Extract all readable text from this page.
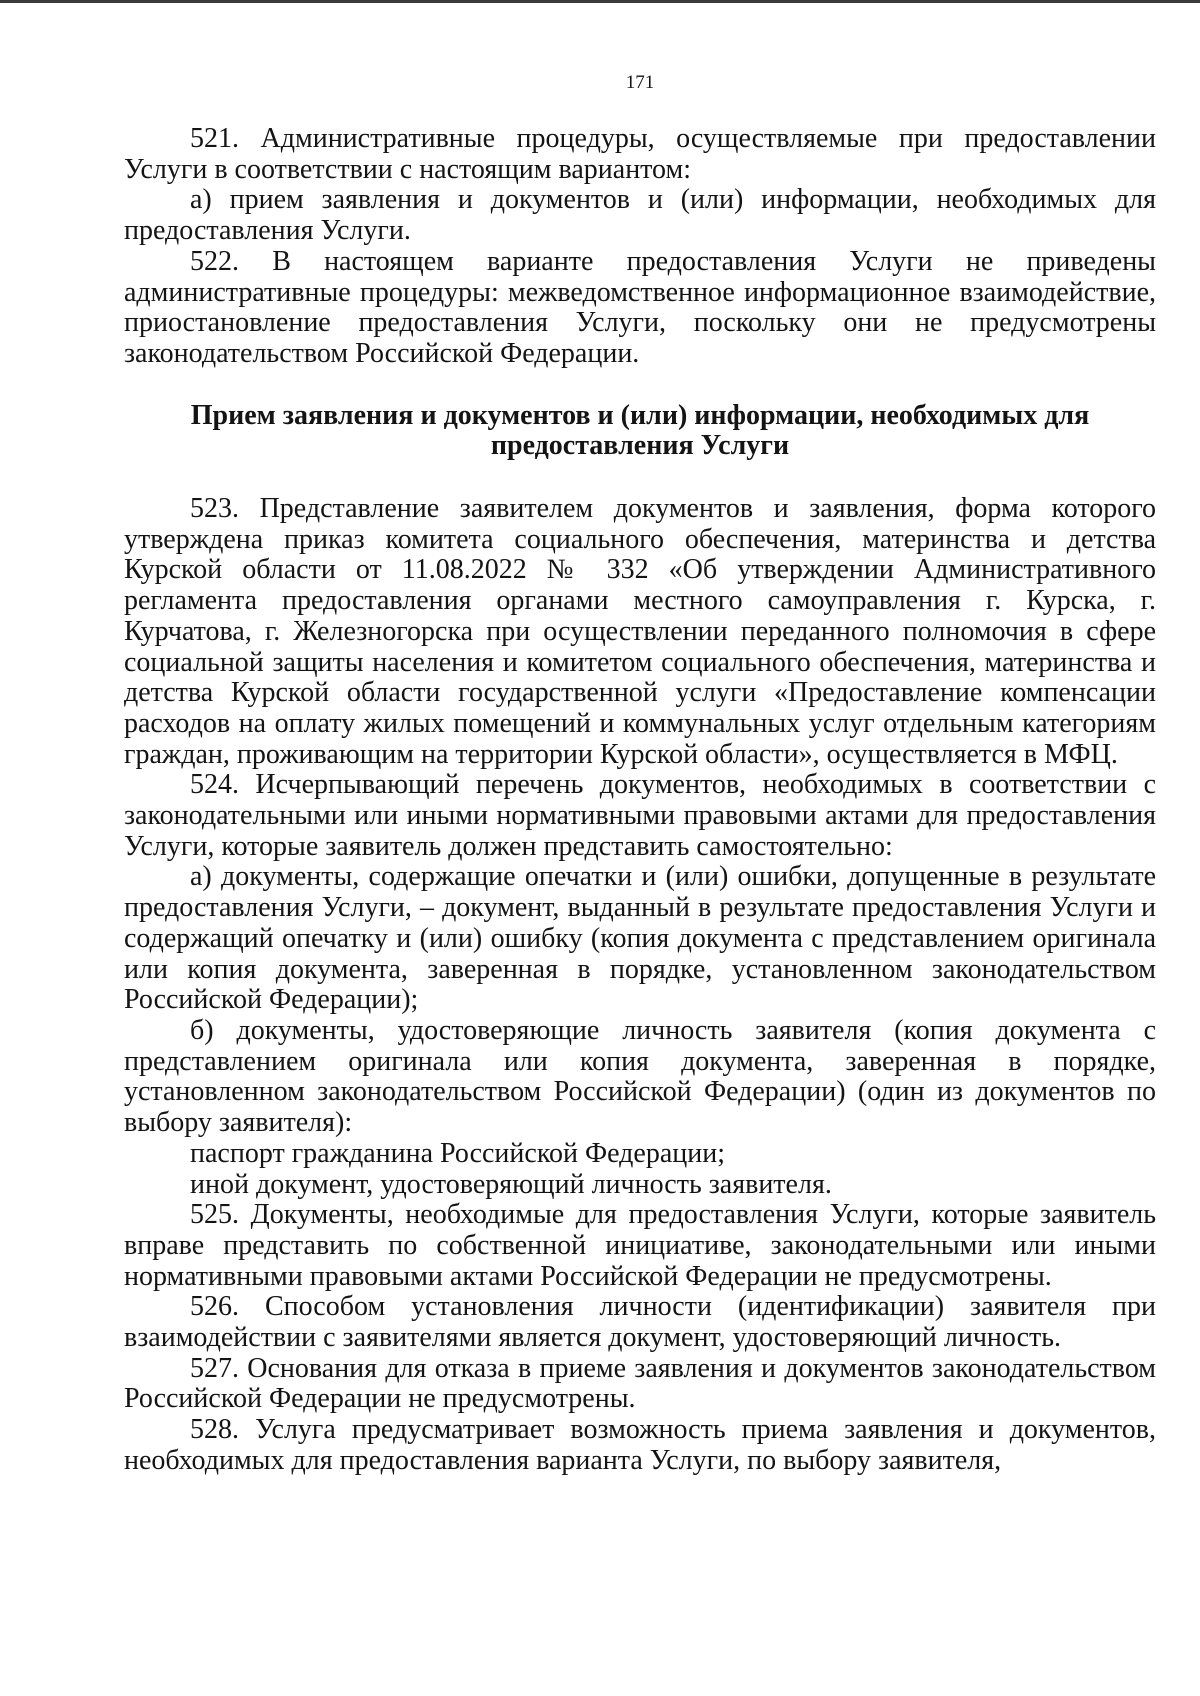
171

521. Административные процедуры, осуществляемые при предоставлении Услуги в соответствии с настоящим вариантом:

а) прием заявления и документов и (или) информации, необходимых для предоставления Услуги.

522. В настоящем варианте предоставления Услуги не приведены административные процедуры: межведомственное информационное взаимодействие, приостановление предоставления Услуги, поскольку они не предусмотрены законодательством Российской Федерации.

Прием заявления и документов и (или) информации, необходимых для предоставления Услуги

523. Представление заявителем документов и заявления, форма которого утверждена приказ комитета социального обеспечения, материнства и детства Курской области от 11.08.2022 № 332 «Об утверждении Административного регламента предоставления органами местного самоуправления г. Курска, г. Курчатова, г. Железногорска при осуществлении переданного полномочия в сфере социальной защиты населения и комитетом социального обеспечения, материнства и детства Курской области государственной услуги «Предоставление компенсации расходов на оплату жилых помещений и коммунальных услуг отдельным категориям граждан, проживающим на территории Курской области», осуществляется в МФЦ.

524. Исчерпывающий перечень документов, необходимых в соответствии с законодательными или иными нормативными правовыми актами для предоставления Услуги, которые заявитель должен представить самостоятельно:

а) документы, содержащие опечатки и (или) ошибки, допущенные в результате предоставления Услуги, – документ, выданный в результате предоставления Услуги и содержащий опечатку и (или) ошибку (копия документа с представлением оригинала или копия документа, заверенная в порядке, установленном законодательством Российской Федерации);

б) документы, удостоверяющие личность заявителя (копия документа с представлением оригинала или копия документа, заверенная в порядке, установленном законодательством Российской Федерации) (один из документов по выбору заявителя):

паспорт гражданина Российской Федерации;

иной документ, удостоверяющий личность заявителя.

525. Документы, необходимые для предоставления Услуги, которые заявитель вправе представить по собственной инициативе, законодательными или иными нормативными правовыми актами Российской Федерации не предусмотрены.

526. Способом установления личности (идентификации) заявителя при взаимодействии с заявителями является документ, удостоверяющий личность.

527. Основания для отказа в приеме заявления и документов законодательством Российской Федерации не предусмотрены.

528. Услуга предусматривает возможность приема заявления и документов, необходимых для предоставления варианта Услуги, по выбору заявителя,
